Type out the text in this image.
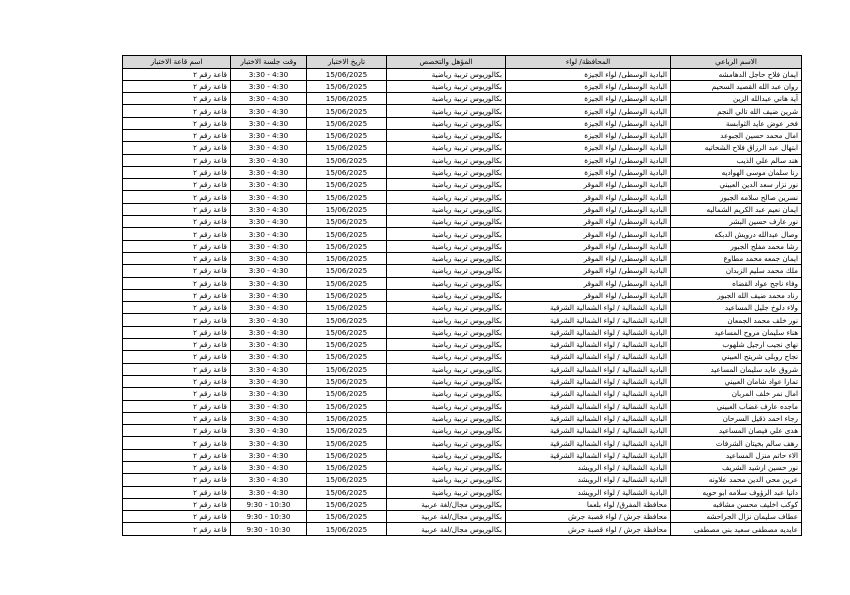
الاسم الرباعي	المحافظة/ لواء	المؤهل والتخصص	تاريخ الاختبار	وقت جلسة الاختبار	اسم قاعة الاختبار
ايمان فلاح حاجل الدهامشه	البادية الوسطى/ لواء الجيزة	بكالوريوس تربية رياضية	15/06/2025	3:30 - 4:30	قاعة رقم ٢
روان عبد الله القصيد السحيم	البادية الوسطى/ لواء الجيزة	بكالوريوس تربية رياضية	15/06/2025	3:30 - 4:30	قاعة رقم ٢
آية هاني عبدالله الزين	البادية الوسطى/ لواء الجيزة	بكالوريوس تربية رياضية	15/06/2025	3:30 - 4:30	قاعة رقم ٢
شرين ضيف الله تالي النجم	البادية الوسطى/ لواء الجيزة	بكالوريوس تربية رياضية	15/06/2025	3:30 - 4:30	قاعة رقم ٢
فخر عوض عايد الثوابسة	البادية الوسطى/ لواء الجيزة	بكالوريوس تربية رياضية	15/06/2025	3:30 - 4:30	قاعة رقم ٢
امال محمد حسين الجبوعد	البادية الوسطى/ لواء الجيزة	بكالوريوس تربية رياضية	15/06/2025	3:30 - 4:30	قاعة رقم ٢
ابتهال عبد الرزاق فلاح الشحاتيه	البادية الوسطى/ لواء الجيزة	بكالوريوس تربية رياضية	15/06/2025	3:30 - 4:30	قاعة رقم ٢
هند سالم علي الذيب	البادية الوسطى/ لواء الجيزة	بكالوريوس تربية رياضية	15/06/2025	3:30 - 4:30	قاعة رقم ٢
رنا سلمان موسى الهواديه	البادية الوسطى/ لواء الجيزة	بكالوريوس تربية رياضية	15/06/2025	3:30 - 4:30	قاعة رقم ٢
نور نزار سعد الدين العبيني	البادية الوسطى/ لواء الموقر	بكالوريوس تربية رياضية	15/06/2025	3:30 - 4:30	قاعة رقم ٢
نسرين صالح سلامه الجبور	البادية الوسطى/ لواء الموقر	بكالوريوس تربية رياضية	15/06/2025	3:30 - 4:30	قاعة رقم ٢
ايمان نعيم عبد الكريم الشماليه	البادية الوسطى/ لواء الموقر	بكالوريوس تربية رياضية	15/06/2025	3:30 - 4:30	قاعة رقم ٢
نور عارف حسين البشر	البادية الوسطى/ لواء الموقر	بكالوريوس تربية رياضية	15/06/2025	3:30 - 4:30	قاعة رقم ٢
وصال عبدالله درويش الدبكه	البادية الوسطى/ لواء الموقر	بكالوريوس تربية رياضية	15/06/2025	3:30 - 4:30	قاعة رقم ٢
رشا محمد مفلح الجبور	البادية الوسطى/ لواء الموقر	بكالوريوس تربية رياضية	15/06/2025	3:30 - 4:30	قاعة رقم ٢
ايمان جمعه محمد مطاوع	البادية الوسطى/ لواء الموقر	بكالوريوس تربية رياضية	15/06/2025	3:30 - 4:30	قاعة رقم ٢
ملك محمد سليم الزبدان	البادية الوسطى/ لواء الموقر	بكالوريوس تربية رياضية	15/06/2025	3:30 - 4:30	قاعة رقم ٢
وفاء ناجح عواد القضاه	البادية الوسطى/ لواء الموقر	بكالوريوس تربية رياضية	15/06/2025	3:30 - 4:30	قاعة رقم ٢
رناد محمد ضيف الله الجبور	البادية الوسطى/ لواء الموقر	بكالوريوس تربية رياضية	15/06/2025	3:30 - 4:30	قاعة رقم ٢
ولاء دلوخ جليل المساعيد	البادية الشمالية / لواء الشمالية الشرقية	بكالوريوس تربية رياضية	15/06/2025	3:30 - 4:30	قاعة رقم ٢
نور خلف محمد الجمعان	البادية الشمالية / لواء الشمالية الشرقية	بكالوريوس تربية رياضية	15/06/2025	3:30 - 4:30	قاعة رقم ٢
هناء سليمان مروح المساعيد	البادية الشمالية / لواء الشمالية الشرقية	بكالوريوس تربية رياضية	15/06/2025	3:30 - 4:30	قاعة رقم ٢
نهاي نجيب ارجيل شلهوب	البادية الشمالية / لواء الشمالية الشرقية	بكالوريوس تربية رياضية	15/06/2025	3:30 - 4:30	قاعة رقم ٢
نجاح روبلى شريتح العبيني	البادية الشمالية / لواء الشمالية الشرقية	بكالوريوس تربية رياضية	15/06/2025	3:30 - 4:30	قاعة رقم ٢
شروق عايد سليمان المساعيد	البادية الشمالية / لواء الشمالية الشرقية	بكالوريوس تربية رياضية	15/06/2025	3:30 - 4:30	قاعة رقم ٢
تمارا عواد شامان العبيني	البادية الشمالية / لواء الشمالية الشرقية	بكالوريوس تربية رياضية	15/06/2025	3:30 - 4:30	قاعة رقم ٢
امال نمر خلف المربان	البادية الشمالية / لواء الشمالية الشرقية	بكالوريوس تربية رياضية	15/06/2025	3:30 - 4:30	قاعة رقم ٢
ماجده عارف غضاب العبيني	البادية الشمالية / لواء الشمالية الشرقية	بكالوريوس تربية رياضية	15/06/2025	3:30 - 4:30	قاعة رقم ٢
رجاء احمد ذقيل السرحان	البادية الشمالية / لواء الشمالية الشرقية	بكالوريوس تربية رياضية	15/06/2025	3:30 - 4:30	قاعة رقم ٢
هدى علي فيصان المساعيد	البادية الشمالية / لواء الشمالية الشرقية	بكالوريوس تربية رياضية	15/06/2025	3:30 - 4:30	قاعة رقم ٢
رهف سالم بخيتان الشرفات	البادية الشمالية / لواء الشمالية الشرقية	بكالوريوس تربية رياضية	15/06/2025	3:30 - 4:30	قاعة رقم ٢
الاء حاتم منزل المساعيد	البادية الشمالية / لواء الشمالية الشرقية	بكالوريوس تربية رياضية	15/06/2025	3:30 - 4:30	قاعة رقم ٢
نور حسين ارشيد الشريف	البادية الشمالية / لواء الرويشد	بكالوريوس تربية رياضية	15/06/2025	3:30 - 4:30	قاعة رقم ٢
عرين محي الدين محمد علاونه	البادية الشمالية / لواء الرويشد	بكالوريوس تربية رياضية	15/06/2025	3:30 - 4:30	قاعة رقم ٢
دانيا عبد الرؤوف سلامه ابو حويه	البادية الشمالية / لواء الرويشد	بكالوريوس تربية رياضية	15/06/2025	3:30 - 4:30	قاعة رقم ٢
كوكب اخليف محسن مشاقبه	محافظة المفرق/ لواء بلعما	بكالوريوس مجال/لغة عربية	15/06/2025	9:30 - 10:30	قاعة رقم ٢
عطاف سليمان نزال الجراحشه	محافظة جرش / لواء قصبة جرش	بكالوريوس مجال/لغة عربية	15/06/2025	9:30 - 10:30	قاعة رقم ٢
عايديه مصطفى سعيد بني مصطفى	محافظة جرش / لواء قصبة جرش	بكالوريوس مجال/لغة عربية	15/06/2025	9:30 - 10:30	قاعة رقم ٢
